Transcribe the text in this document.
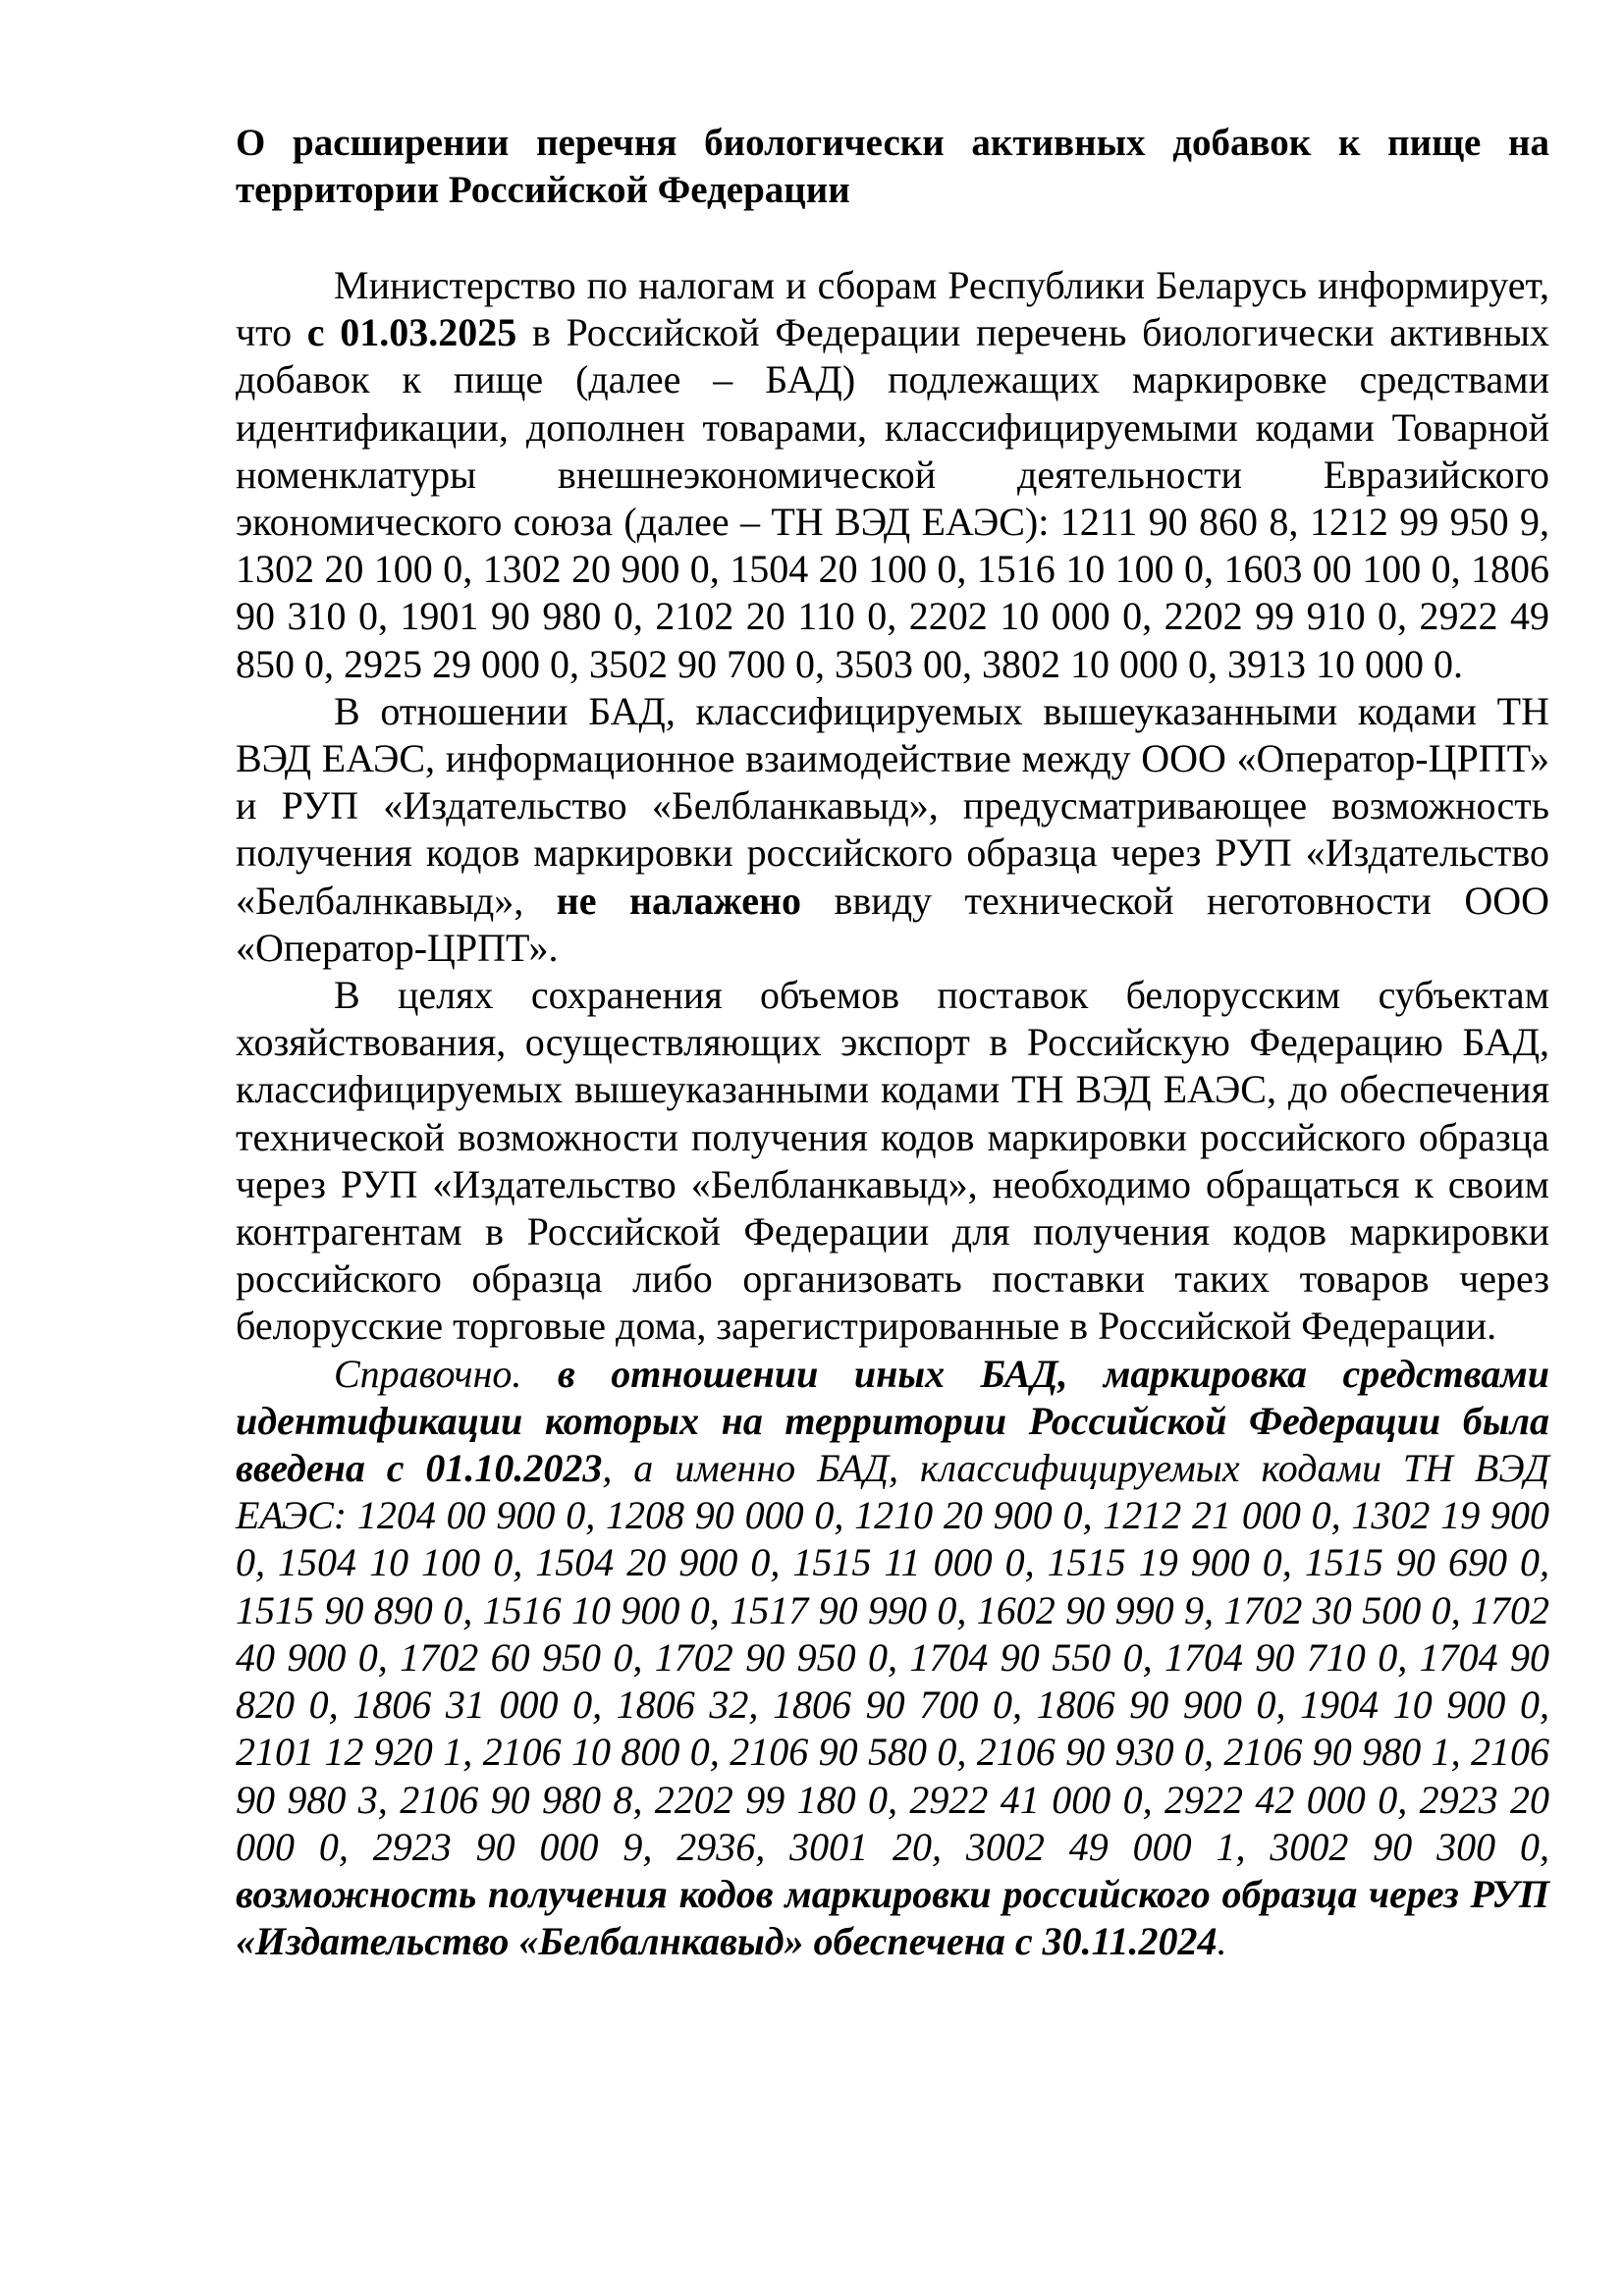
О расширении перечня биологически активных добавок к пище на территории Российской Федерации

Министерство по налогам и сборам Республики Беларусь информирует, что с 01.03.2025 в Российской Федерации перечень биологически активных добавок к пище (далее – БАД) подлежащих маркировке средствами идентификации, дополнен товарами, классифицируемыми кодами Товарной номенклатуры внешнеэкономической деятельности Евразийского экономического союза (далее – ТН ВЭД ЕАЭС): 1211 90 860 8, 1212 99 950 9, 1302 20 100 0, 1302 20 900 0, 1504 20 100 0, 1516 10 100 0, 1603 00 100 0, 1806 90 310 0, 1901 90 980 0, 2102 20 110 0, 2202 10 000 0, 2202 99 910 0, 2922 49 850 0, 2925 29 000 0, 3502 90 700 0, 3503 00, 3802 10 000 0, 3913 10 000 0.

В отношении БАД, классифицируемых вышеуказанными кодами ТН ВЭД ЕАЭС, информационное взаимодействие между ООО «Оператор-ЦРПТ» и РУП «Издательство «Белбланкавыд», предусматривающее возможность получения кодов маркировки российского образца через РУП «Издательство «Белбалнкавыд», не налажено ввиду технической неготовности ООО «Оператор-ЦРПТ».

В целях сохранения объемов поставок белорусским субъектам хозяйствования, осуществляющих экспорт в Российскую Федерацию БАД, классифицируемых вышеуказанными кодами ТН ВЭД ЕАЭС, до обеспечения технической возможности получения кодов маркировки российского образца через РУП «Издательство «Белбланкавыд», необходимо обращаться к своим контрагентам в Российской Федерации для получения кодов маркировки российского образца либо организовать поставки таких товаров через белорусские торговые дома, зарегистрированные в Российской Федерации.

Справочно. в отношении иных БАД, маркировка средствами идентификации которых на территории Российской Федерации была введена с 01.10.2023, а именно БАД, классифицируемых кодами ТН ВЭД ЕАЭС: 1204 00 900 0, 1208 90 000 0, 1210 20 900 0, 1212 21 000 0, 1302 19 900 0, 1504 10 100 0, 1504 20 900 0, 1515 11 000 0, 1515 19 900 0, 1515 90 690 0, 1515 90 890 0, 1516 10 900 0, 1517 90 990 0, 1602 90 990 9, 1702 30 500 0, 1702 40 900 0, 1702 60 950 0, 1702 90 950 0, 1704 90 550 0, 1704 90 710 0, 1704 90 820 0, 1806 31 000 0, 1806 32, 1806 90 700 0, 1806 90 900 0, 1904 10 900 0, 2101 12 920 1, 2106 10 800 0, 2106 90 580 0, 2106 90 930 0, 2106 90 980 1, 2106 90 980 3, 2106 90 980 8, 2202 99 180 0, 2922 41 000 0, 2922 42 000 0, 2923 20 000 0, 2923 90 000 9, 2936, 3001 20, 3002 49 000 1, 3002 90 300 0, возможность получения кодов маркировки российского образца через РУП «Издательство «Белбалнкавыд» обеспечена с 30.11.2024.
